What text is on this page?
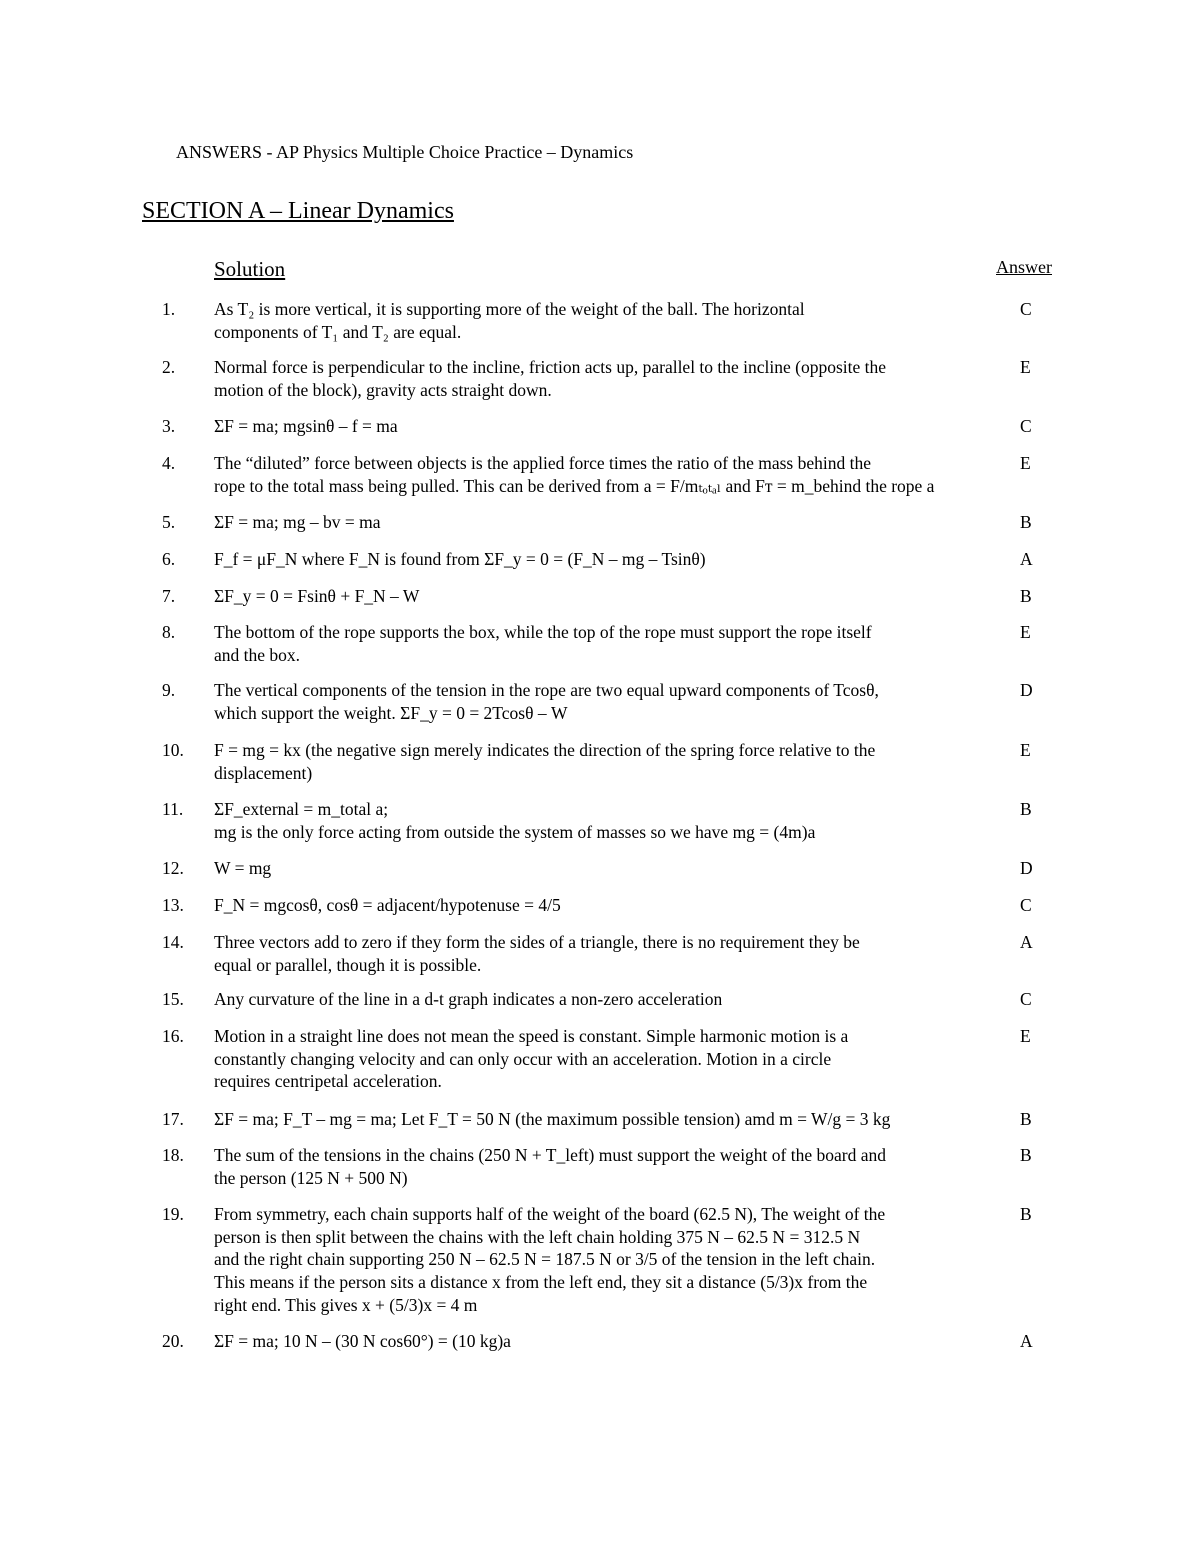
ANSWERS - AP Physics Multiple Choice Practice – Dynamics
SECTION A – Linear Dynamics
Solution	Answer
1. As T₂ is more vertical, it is supporting more of the weight of the ball. The horizontal
components of T₁ and T₂ are equal.
C
2. Normal force is perpendicular to the incline, friction acts up, parallel to the incline (opposite the
motion of the block), gravity acts straight down.
E
3. ΣF = ma; mgsinθ – f = ma	C
4. The “diluted” force between objects is the applied force times the ratio of the mass behind the
rope to the total mass being pulled. This can be derived from a = F/mₜₒₜₐₗ and Fᴛ = m_behind the rope a
E
5. ΣF = ma; mg – bv = ma	B
6. F_f = μF_N where F_N is found from ΣF_y = 0 = (F_N – mg – Tsinθ)	A
7. ΣF_y = 0 = Fsinθ + F_N – W	B
8. The bottom of the rope supports the box, while the top of the rope must support the rope itself
and the box.
E
9. The vertical components of the tension in the rope are two equal upward components of Tcosθ,
which support the weight. ΣF_y = 0 = 2Tcosθ – W
D
10. F = mg = kx (the negative sign merely indicates the direction of the spring force relative to the
displacement)
E
11. ΣF_external = m_total a;
mg is the only force acting from outside the system of masses so we have mg = (4m)a
B
12. W = mg	D
13. F_N = mgcosθ, cosθ = adjacent/hypotenuse = 4/5	C
14. Three vectors add to zero if they form the sides of a triangle, there is no requirement they be
equal or parallel, though it is possible.
A
15. Any curvature of the line in a d-t graph indicates a non-zero acceleration	C
16. Motion in a straight line does not mean the speed is constant. Simple harmonic motion is a
constantly changing velocity and can only occur with an acceleration. Motion in a circle
requires centripetal acceleration.
E
17. ΣF = ma; F_T – mg = ma; Let F_T = 50 N (the maximum possible tension) amd m = W/g = 3 kg	B
18. The sum of the tensions in the chains (250 N + T_left) must support the weight of the board and
the person (125 N + 500 N)
B
19. From symmetry, each chain supports half of the weight of the board (62.5 N), The weight of the
person is then split between the chains with the left chain holding 375 N – 62.5 N = 312.5 N
and the right chain supporting 250 N – 62.5 N = 187.5 N or 3/5 of the tension in the left chain.
This means if the person sits a distance x from the left end, they sit a distance (5/3)x from the
right end. This gives x + (5/3)x = 4 m
B
20. ΣF = ma; 10 N – (30 N cos60°) = (10 kg)a	A
